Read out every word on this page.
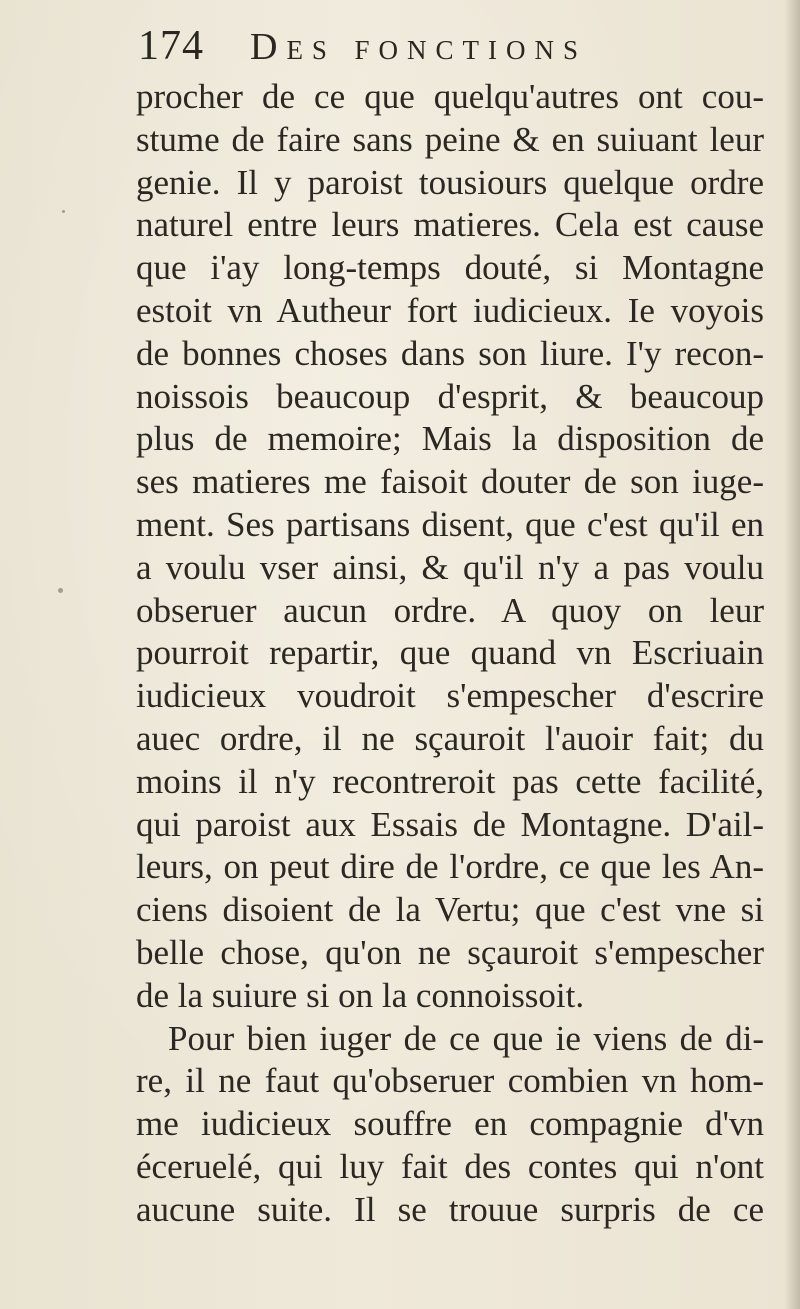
174 Des fonctions
procher de ce que quelqu'autres ont cou-
stume de faire sans peine & en suiuant leur
genie. Il y paroist tousiours quelque ordre
naturel entre leurs matieres. Cela est cause
que i'ay long-temps douté, si Montagne
estoit vn Autheur fort iudicieux. Ie voyois
de bonnes choses dans son liure. I'y recon-
noissois beaucoup d'esprit, & beaucoup
plus de memoire; Mais la disposition de
ses matieres me faisoit douter de son iuge-
ment. Ses partisans disent, que c'est qu'il en
a voulu vser ainsi, & qu'il n'y a pas voulu
obseruer aucun ordre. A quoy on leur
pourroit repartir, que quand vn Escriuain
iudicieux voudroit s'empescher d'escrire
auec ordre, il ne sçauroit l'auoir fait; du
moins il n'y recontreroit pas cette facilité,
qui paroist aux Essais de Montagne. D'ail-
leurs, on peut dire de l'ordre, ce que les An-
ciens disoient de la Vertu; que c'est vne si
belle chose, qu'on ne sçauroit s'empescher
de la suiure si on la connoissoit.
Pour bien iuger de ce que ie viens de di-
re, il ne faut qu'obseruer combien vn hom-
me iudicieux souffre en compagnie d'vn
éceruelé, qui luy fait des contes qui n'ont
aucune suite. Il se trouue surpris de ce
